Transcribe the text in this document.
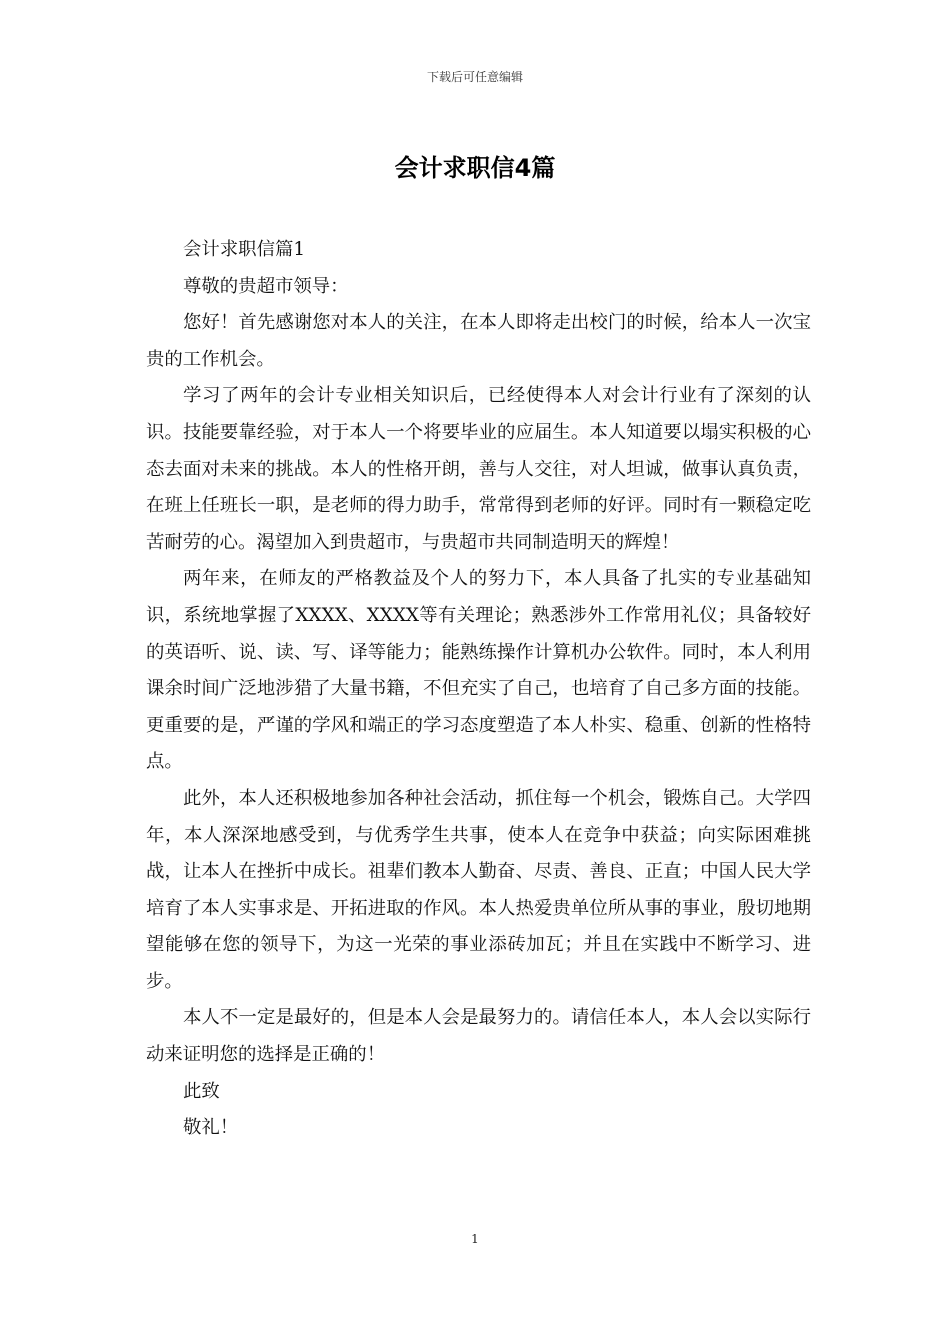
下载后可任意编辑
会计求职信4篇

会计求职信篇1

尊敬的贵超市领导：

您好！首先感谢您对本人的关注，在本人即将走出校门的时候，给本人一次宝贵的工作机会。

学习了两年的会计专业相关知识后，已经使得本人对会计行业有了深刻的认识。技能要靠经验，对于本人一个将要毕业的应届生。本人知道要以塌实积极的心态去面对未来的挑战。本人的性格开朗，善与人交往，对人坦诚，做事认真负责，在班上任班长一职，是老师的得力助手，常常得到老师的好评。同时有一颗稳定吃苦耐劳的心。渴望加入到贵超市，与贵超市共同制造明天的辉煌！

两年来，在师友的严格教益及个人的努力下，本人具备了扎实的专业基础知识，系统地掌握了XXXX、XXXX等有关理论；熟悉涉外工作常用礼仪；具备较好的英语听、说、读、写、译等能力；能熟练操作计算机办公软件。同时，本人利用课余时间广泛地涉猎了大量书籍，不但充实了自己，也培育了自己多方面的技能。更重要的是，严谨的学风和端正的学习态度塑造了本人朴实、稳重、创新的性格特点。

此外，本人还积极地参加各种社会活动，抓住每一个机会，锻炼自己。大学四年，本人深深地感受到，与优秀学生共事，使本人在竞争中获益；向实际困难挑战，让本人在挫折中成长。祖辈们教本人勤奋、尽责、善良、正直；中国人民大学培育了本人实事求是、开拓进取的作风。本人热爱贵单位所从事的事业，殷切地期望能够在您的领导下，为这一光荣的事业添砖加瓦；并且在实践中不断学习、进步。

本人不一定是最好的，但是本人会是最努力的。请信任本人，本人会以实际行动来证明您的选择是正确的！

此致

敬礼！

1
